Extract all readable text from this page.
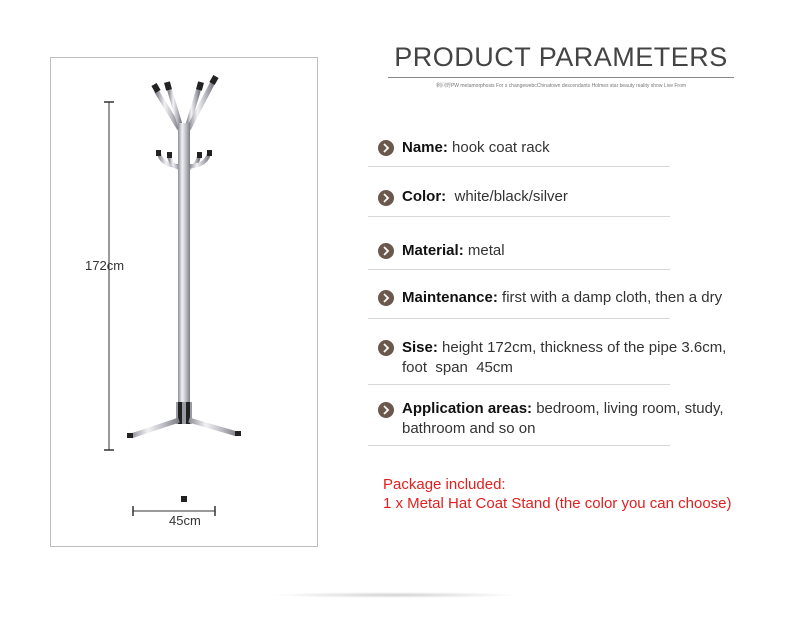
172cm
45cm
PRODUCT PARAMETERS
剩回野PW metamorphosis For s changewebcChinatown descendants Holmes star beauty reality show Live From
Name: hook coat rack
Color:  white/black/silver
Material: metal
Maintenance: first with a damp cloth, then a dry
Sise: height 172cm, thickness of the pipe 3.6cm,
foot  span  45cm
Application areas: bedroom, living room, study,
bathroom and so on
Package included:
1 x Metal Hat Coat Stand (the color you can choose)
